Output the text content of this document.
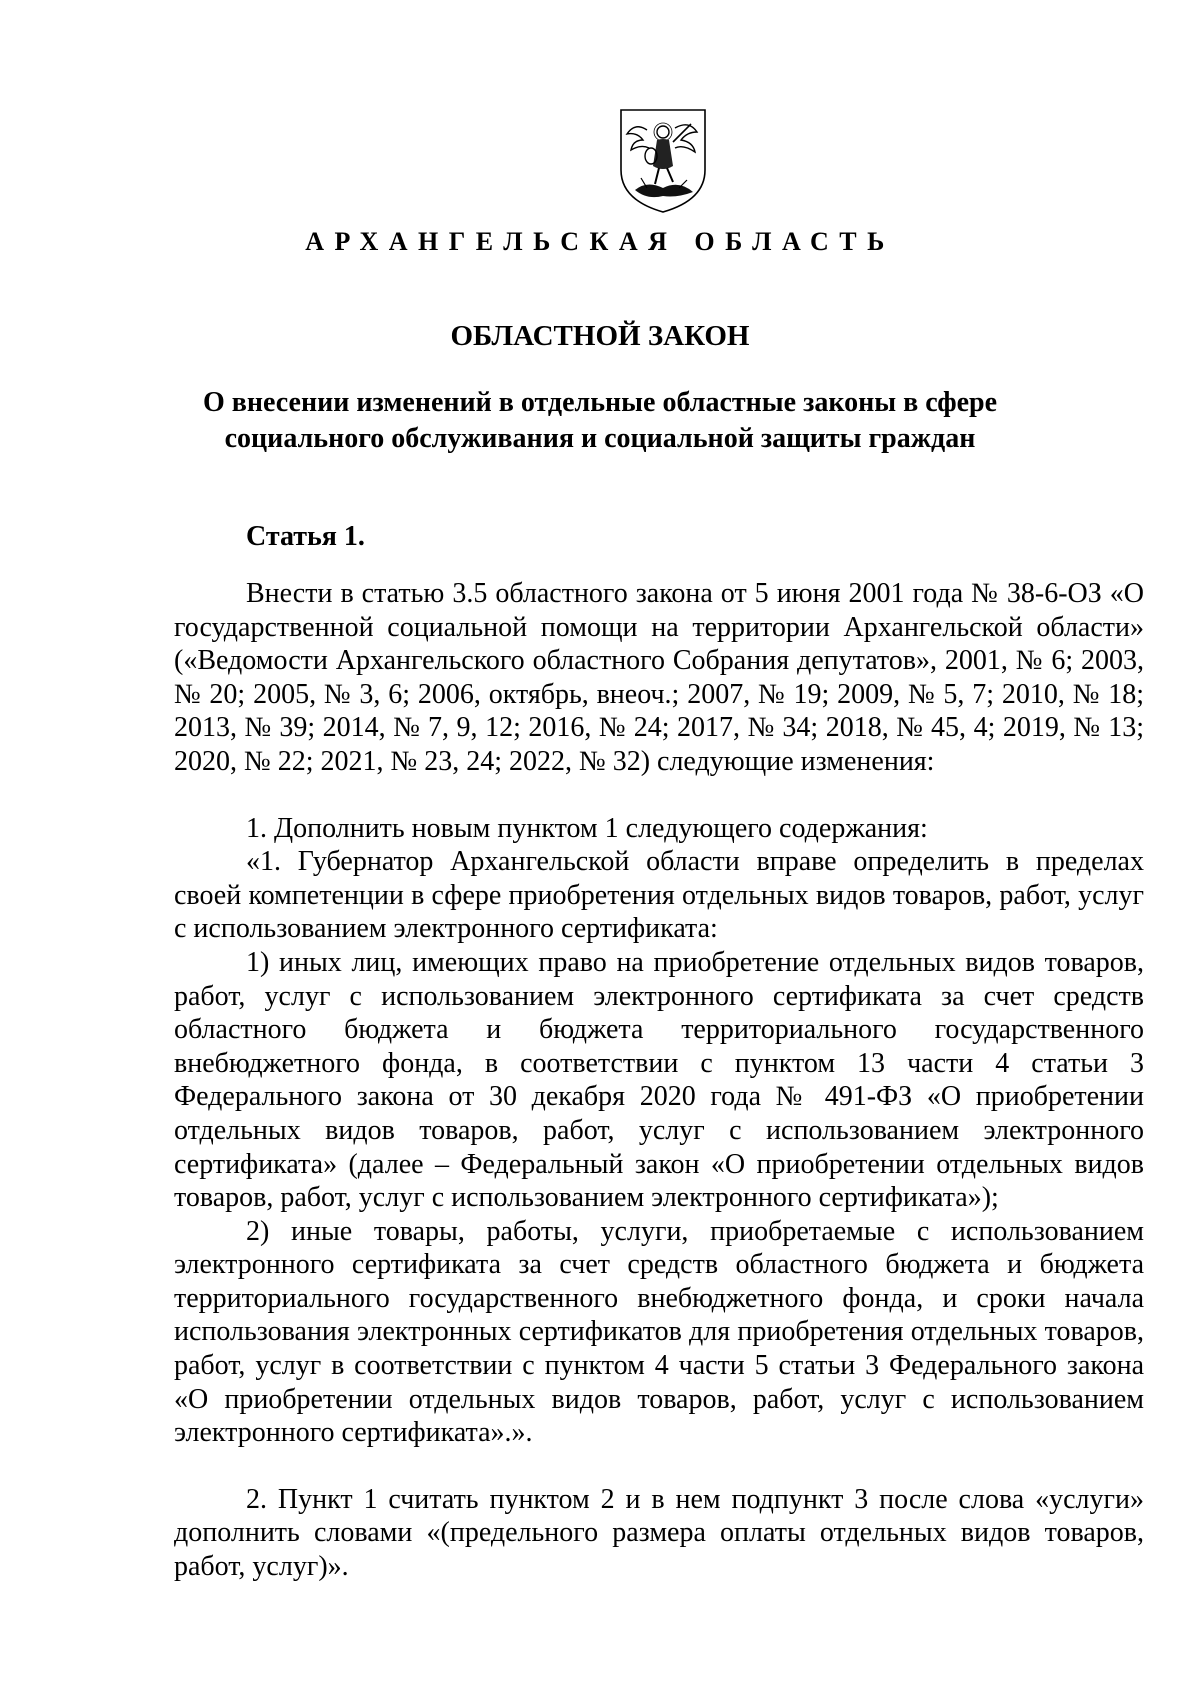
АРХАНГЕЛЬСКАЯ ОБЛАСТЬ
ОБЛАСТНОЙ ЗАКОН
О внесении изменений в отдельные областные законы в сфере
социального обслуживания и социальной защиты граждан
Статья 1.

Внести в статью 3.5 областного закона от 5 июня 2001 года № 38-6-ОЗ «О государственной социальной помощи на территории Архангельской области» («Ведомости Архангельского областного Собрания депутатов», 2001, № 6; 2003, № 20; 2005, № 3, 6; 2006, октябрь, внеоч.; 2007, № 19; 2009, № 5, 7; 2010, № 18; 2013, № 39; 2014, № 7, 9, 12; 2016, № 24; 2017, № 34; 2018, № 45, 4; 2019, № 13; 2020, № 22; 2021, № 23, 24; 2022, № 32) следующие изменения:

1. Дополнить новым пунктом 1 следующего содержания:

«1. Губернатор Архангельской области вправе определить в пределах своей компетенции в сфере приобретения отдельных видов товаров, работ, услуг с использованием электронного сертификата:

1) иных лиц, имеющих право на приобретение отдельных видов товаров, работ, услуг с использованием электронного сертификата за счет средств областного бюджета и бюджета территориального государственного внебюджетного фонда, в соответствии с пунктом 13 части 4 статьи 3 Федерального закона от 30 декабря 2020 года № 491-ФЗ «О приобретении отдельных видов товаров, работ, услуг с использованием электронного сертификата» (далее – Федеральный закон «О приобретении отдельных видов товаров, работ, услуг с использованием электронного сертификата»);

2) иные товары, работы, услуги, приобретаемые с использованием электронного сертификата за счет средств областного бюджета и бюджета территориального государственного внебюджетного фонда, и сроки начала использования электронных сертификатов для приобретения отдельных товаров, работ, услуг в соответствии с пунктом 4 части 5 статьи 3 Федерального закона «О приобретении отдельных видов товаров, работ, услуг с использованием электронного сертификата».».

2. Пункт 1 считать пунктом 2 и в нем подпункт 3 после слова «услуги» дополнить словами «(предельного размера оплаты отдельных видов товаров, работ, услуг)».
